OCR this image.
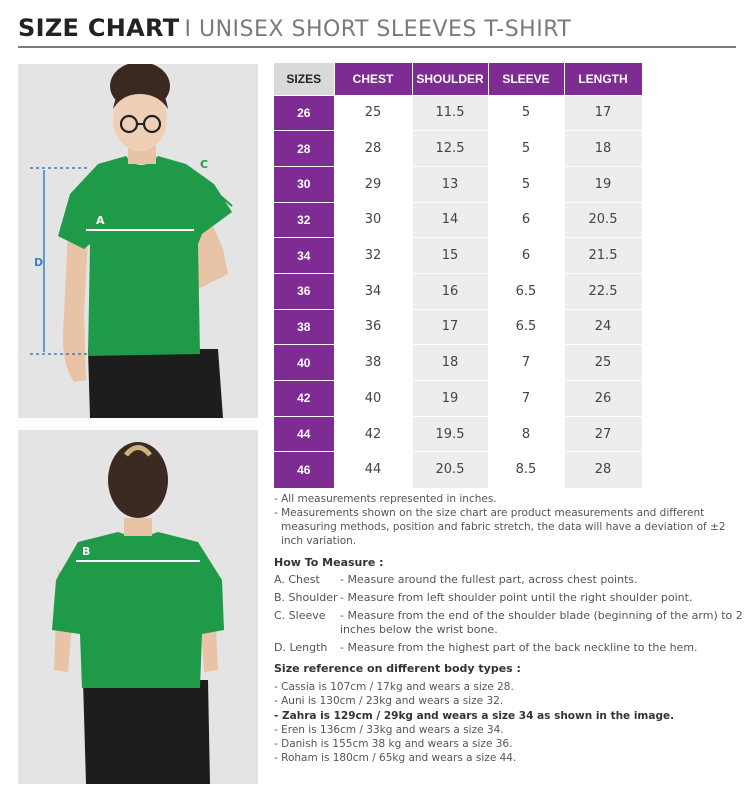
SIZE CHART I UNISEX SHORT SLEEVES T-SHIRT
D
A
C
B
SIZES	CHEST	SHOULDER	SLEEVE	LENGTH
26	25	11.5	5	17
28	28	12.5	5	18
30	29	13	5	19
32	30	14	6	20.5
34	32	15	6	21.5
36	34	16	6.5	22.5
38	36	17	6.5	24
40	38	18	7	25
42	40	19	7	26
44	42	19.5	8	27
46	44	20.5	8.5	28
- All measurements represented in inches.
- Measurements shown on the size chart are product measurements and different measuring methods, position and fabric stretch, the data will have a deviation of ±2 inch variation.
How To Measure :
A. Chest - Measure around the fullest part, across chest points.
B. Shoulder - Measure from left shoulder point until the right shoulder point.
C. Sleeve - Measure from the end of the shoulder blade (beginning of the arm) to 2 inches below the wrist bone.
D. Length - Measure from the highest part of the back neckline to the hem.
Size reference on different body types :
- Cassia is 107cm / 17kg and wears a size 28.
- Auni is 130cm / 23kg and wears a size 32.
- Zahra is 129cm / 29kg and wears a size 34 as shown in the image.
- Eren is 136cm / 33kg and wears a size 34.
- Danish is 155cm 38 kg and wears a size 36.
- Roham is 180cm / 65kg and wears a size 44.
